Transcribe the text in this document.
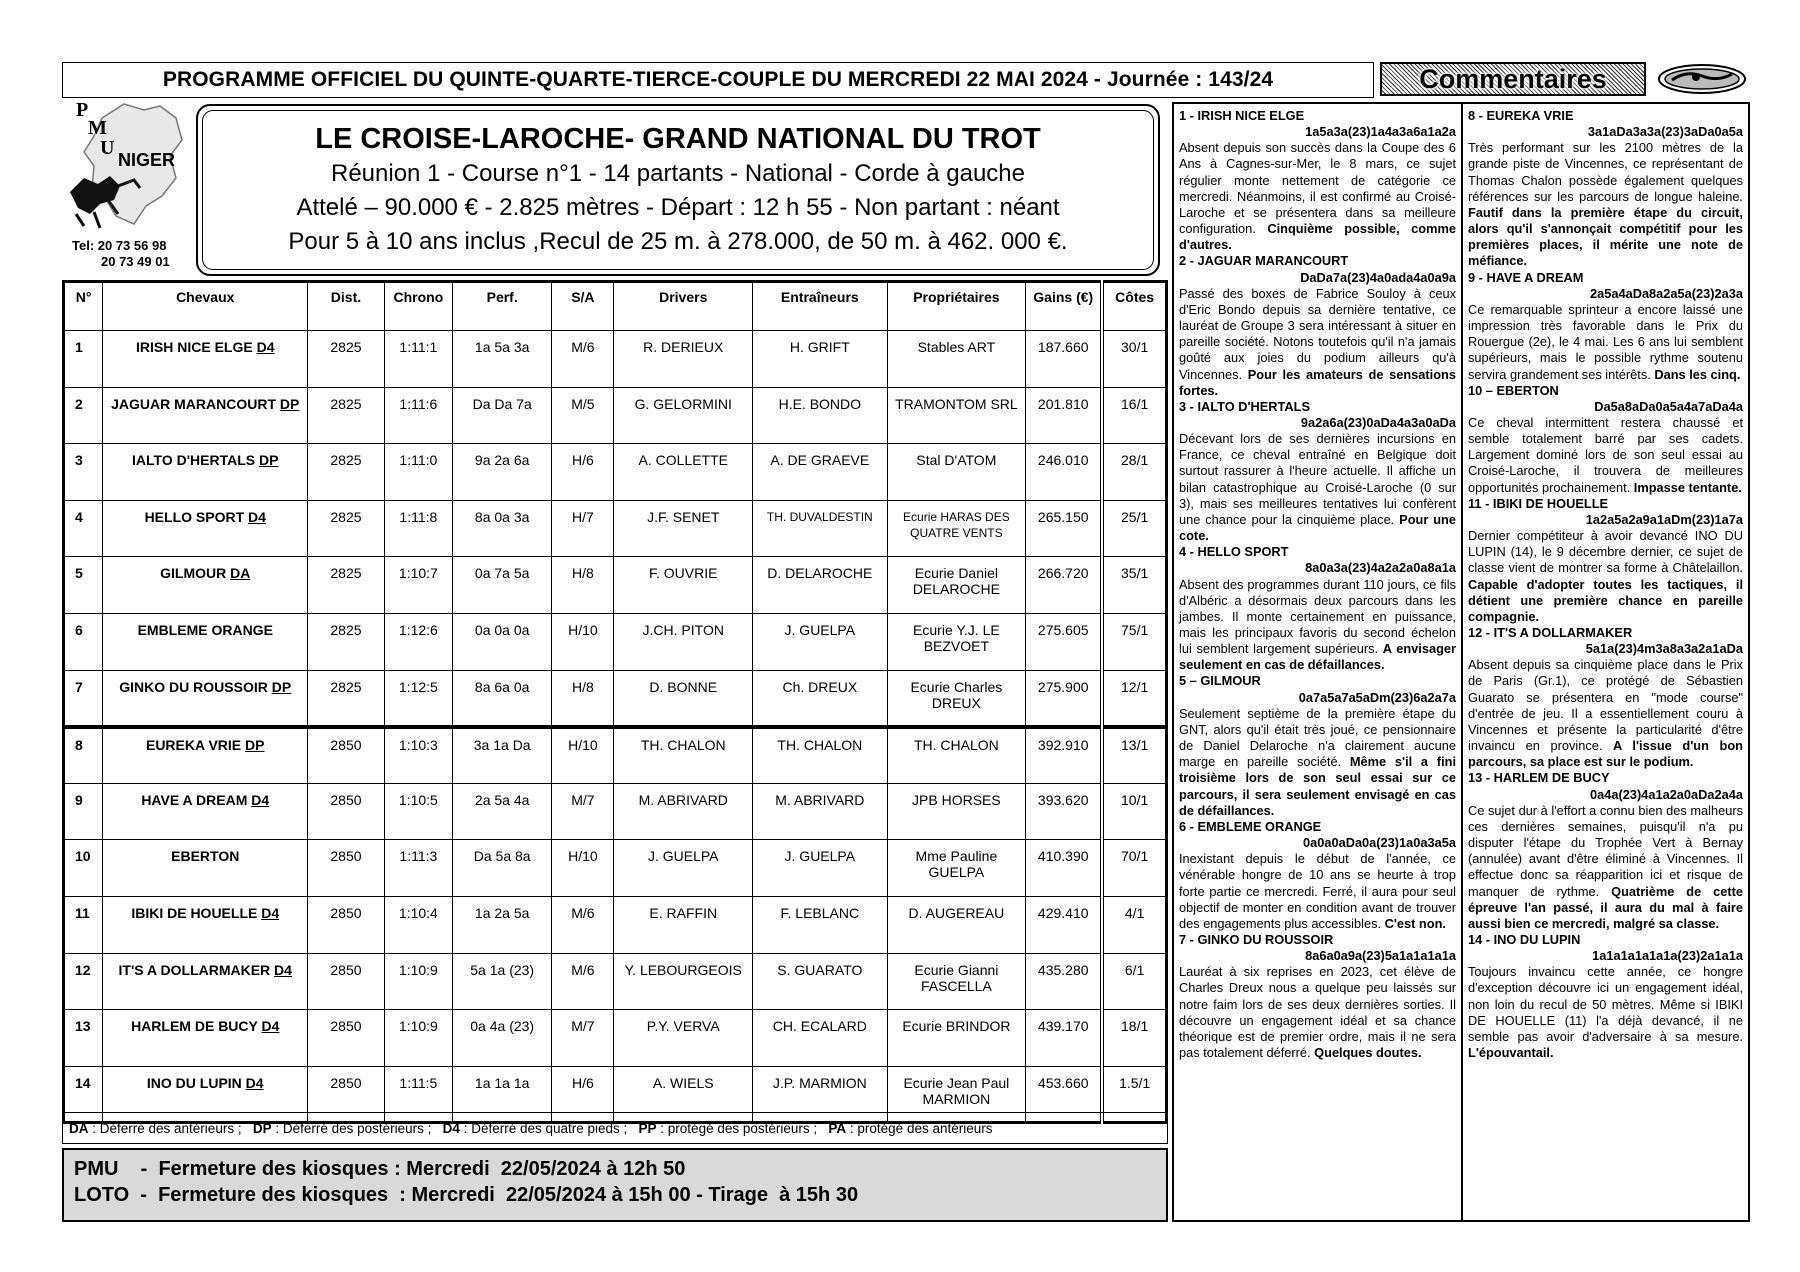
PROGRAMME OFFICIEL DU QUINTE-QUARTE-TIERCE-COUPLE DU MERCREDI 22 MAI 2024 - Journée : 143/24	Commentaires
P
M
U
NIGER
Tel: 20 73 56 98
20 73 49 01
LE CROISE-LAROCHE- GRAND NATIONAL DU TROT
Réunion 1 - Course n°1 - 14 partants - National - Corde à gauche
Attelé – 90.000 € - 2.825 mètres - Départ : 12 h 55 - Non partant : néant
Pour 5 à 10 ans inclus ,Recul de 25 m. à 278.000, de 50 m. à 462. 000 €.
N°	Chevaux	Dist.	Chrono	Perf.	S/A	Drivers	Entraîneurs	Propriétaires	Gains (€)	Côtes
1	IRISH NICE ELGE D4	2825	1:11:1	1a 5a 3a	M/6	R. DERIEUX	H. GRIFT	Stables ART	187.660	30/1
2	JAGUAR MARANCOURT DP	2825	1:11:6	Da Da 7a	M/5	G. GELORMINI	H.E. BONDO	TRAMONTOM SRL	201.810	16/1
3	IALTO D'HERTALS DP	2825	1:11:0	9a 2a 6a	H/6	A. COLLETTE	A. DE GRAEVE	Stal D'ATOM	246.010	28/1
4	HELLO SPORT D4	2825	1:11:8	8a 0a 3a	H/7	J.F. SENET	TH. DUVALDESTIN	Ecurie HARAS DES QUATRE VENTS	265.150	25/1
5	GILMOUR DA	2825	1:10:7	0a 7a 5a	H/8	F. OUVRIE	D. DELAROCHE	Ecurie Daniel DELAROCHE	266.720	35/1
6	EMBLEME ORANGE	2825	1:12:6	0a 0a 0a	H/10	J.CH. PITON	J. GUELPA	Ecurie Y.J. LE BEZVOET	275.605	75/1
7	GINKO DU ROUSSOIR DP	2825	1:12:5	8a 6a 0a	H/8	D. BONNE	Ch. DREUX	Ecurie Charles DREUX	275.900	12/1
8	EUREKA VRIE DP	2850	1:10:3	3a 1a Da	H/10	TH. CHALON	TH. CHALON	TH. CHALON	392.910	13/1
9	HAVE A DREAM D4	2850	1:10:5	2a 5a 4a	M/7	M. ABRIVARD	M. ABRIVARD	JPB HORSES	393.620	10/1
10	EBERTON	2850	1:11:3	Da 5a 8a	H/10	J. GUELPA	J. GUELPA	Mme Pauline GUELPA	410.390	70/1
11	IBIKI DE HOUELLE D4	2850	1:10:4	1a 2a 5a	M/6	E. RAFFIN	F. LEBLANC	D. AUGEREAU	429.410	4/1
12	IT'S A DOLLARMAKER D4	2850	1:10:9	5a 1a (23)	M/6	Y. LEBOURGEOIS	S. GUARATO	Ecurie Gianni FASCELLA	435.280	6/1
13	HARLEM DE BUCY D4	2850	1:10:9	0a 4a (23)	M/7	P.Y. VERVA	CH. ECALARD	Ecurie BRINDOR	439.170	18/1
14	INO DU LUPIN D4	2850	1:11:5	1a 1a 1a	H/6	A. WIELS	J.P. MARMION	Ecurie Jean Paul MARMION	453.660	1.5/1
DA : Déferré des antérieurs ; DP : Déferré des postérieurs ; D4 : Déferré des quatre pieds ; PP : protégé des postérieurs ; PA : protégé des antérieurs
PMU    -  Fermeture des kiosques : Mercredi  22/05/2024 à 12h 50
LOTO  -  Fermeture des kiosques  : Mercredi  22/05/2024 à 15h 00 - Tirage  à 15h 30
1 - IRISH NICE ELGE
1a5a3a(23)1a4a3a6a1a2a
Absent depuis son succès dans la Coupe des 6 Ans à Cagnes-sur-Mer, le 8 mars, ce sujet régulier monte nettement de catégorie ce mercredi. Néanmoins, il est confirmé au Croisé-Laroche et se présentera dans sa meilleure configuration. Cinquième possible, comme d'autres.
2 - JAGUAR MARANCOURT
DaDa7a(23)4a0ada4a0a9a
Passé des boxes de Fabrice Souloy à ceux d'Eric Bondo depuis sa dernière tentative, ce lauréat de Groupe 3 sera intéressant à situer en pareille société. Notons toutefois qu'il n'a jamais goûté aux joies du podium ailleurs qu'à Vincennes. Pour les amateurs de sensations fortes.
3 - IALTO D'HERTALS
9a2a6a(23)0aDa4a3a0aDa
Décevant lors de ses dernières incursions en France, ce cheval entraîné en Belgique doit surtout rassurer à l'heure actuelle. Il affiche un bilan catastrophique au Croisé-Laroche (0 sur 3), mais ses meilleures tentatives lui confèrent une chance pour la cinquième place. Pour une cote.
4 - HELLO SPORT
8a0a3a(23)4a2a2a0a8a1a
Absent des programmes durant 110 jours, ce fils d'Albéric a désormais deux parcours dans les jambes. Il monte certainement en puissance, mais les principaux favoris du second échelon lui semblent largement supérieurs. A envisager seulement en cas de défaillances.
5 – GILMOUR
0a7a5a7a5aDm(23)6a2a7a
Seulement septième de la première étape du GNT, alors qu'il était très joué, ce pensionnaire de Daniel Delaroche n'a clairement aucune marge en pareille société. Même s'il a fini troisième lors de son seul essai sur ce parcours, il sera seulement envisagé en cas de défaillances.
6 - EMBLEME ORANGE
0a0a0aDa0a(23)1a0a3a5a
Inexistant depuis le début de l'année, ce vénérable hongre de 10 ans se heurte à trop forte partie ce mercredi. Ferré, il aura pour seul objectif de monter en condition avant de trouver des engagements plus accessibles. C'est non.
7 - GINKO DU ROUSSOIR
8a6a0a9a(23)5a1a1a1a1a
Lauréat à six reprises en 2023, cet élève de Charles Dreux nous a quelque peu laissés sur notre faim lors de ses deux dernières sorties. Il découvre un engagement idéal et sa chance théorique est de premier ordre, mais il ne sera pas totalement déferré. Quelques doutes.
8 - EUREKA VRIE
3a1aDa3a3a(23)3aDa0a5a
Très performant sur les 2100 mètres de la grande piste de Vincennes, ce représentant de Thomas Chalon possède également quelques références sur les parcours de longue haleine. Fautif dans la première étape du circuit, alors qu'il s'annonçait compétitif pour les premières places, il mérite une note de méfiance.
9 - HAVE A DREAM
2a5a4aDa8a2a5a(23)2a3a
Ce remarquable sprinteur a encore laissé une impression très favorable dans le Prix du Rouergue (2e), le 4 mai. Les 6 ans lui semblent supérieurs, mais le possible rythme soutenu servira grandement ses intérêts. Dans les cinq.
10 – EBERTON
Da5a8aDa0a5a4a7aDa4a
Ce cheval intermittent restera chaussé et semble totalement barré par ses cadets. Largement dominé lors de son seul essai au Croisé-Laroche, il trouvera de meilleures opportunités prochainement. Impasse tentante.
11 - IBIKI DE HOUELLE
1a2a5a2a9a1aDm(23)1a7a
Dernier compétiteur à avoir devancé INO DU LUPIN (14), le 9 décembre dernier, ce sujet de classe vient de montrer sa forme à Châtelaillon. Capable d'adopter toutes les tactiques, il détient une première chance en pareille compagnie.
12 - IT'S A DOLLARMAKER
5a1a(23)4m3a8a3a2a1aDa
Absent depuis sa cinquième place dans le Prix de Paris (Gr.1), ce protégé de Sébastien Guarato se présentera en "mode course" d'entrée de jeu. Il a essentiellement couru à Vincennes et présente la particularité d'être invaincu en province. A l'issue d'un bon parcours, sa place est sur le podium.
13 - HARLEM DE BUCY
0a4a(23)4a1a2a0aDa2a4a
Ce sujet dur à l'effort a connu bien des malheurs ces dernières semaines, puisqu'il n'a pu disputer l'étape du Trophée Vert à Bernay (annulée) avant d'être éliminé à Vincennes. Il effectue donc sa réapparition ici et risque de manquer de rythme. Quatrième de cette épreuve l'an passé, il aura du mal à faire aussi bien ce mercredi, malgré sa classe.
14 - INO DU LUPIN
1a1a1a1a1a1a(23)2a1a1a
Toujours invaincu cette année, ce hongre d'exception découvre ici un engagement idéal, non loin du recul de 50 mètres. Même si IBIKI DE HOUELLE (11) l'a déjà devancé, il ne semble pas avoir d'adversaire à sa mesure. L'épouvantail.
